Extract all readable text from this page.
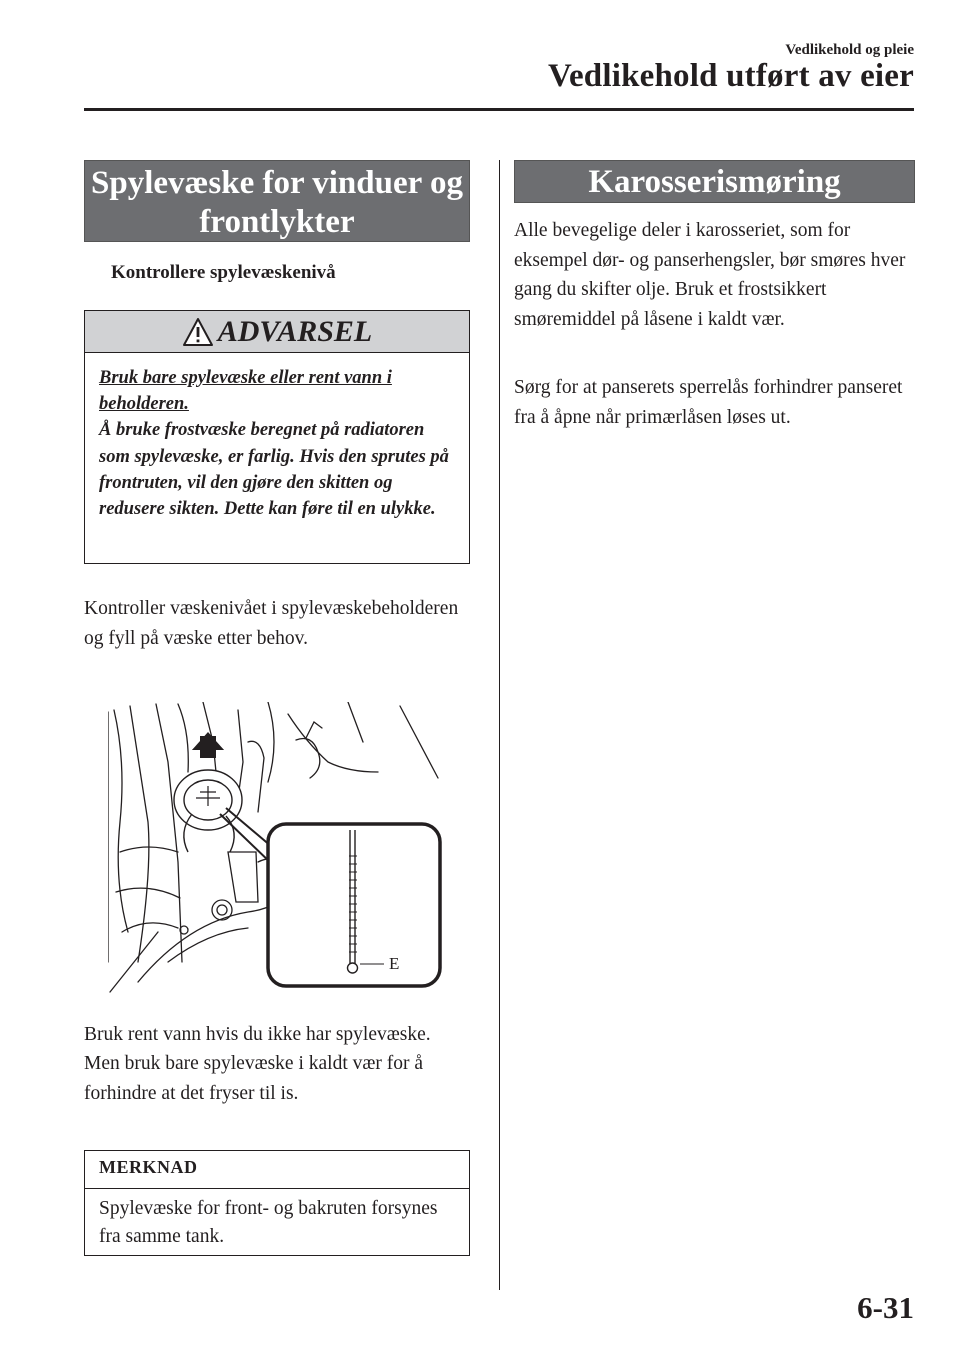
Vedlikehold og pleie
Vedlikehold utført av eier
Spylevæske for vinduer og frontlykter
Kontrollere spylevæskenivå
ADVARSEL

Bruk bare spylevæske eller rent vann i beholderen.

Å bruke frostvæske beregnet på radiatoren som spylevæske, er farlig. Hvis den sprutes på frontruten, vil den gjøre den skitten og redusere sikten. Dette kan føre til en ulykke.

Kontroller væskenivået i spylevæskebeholderen og fyll på væske etter behov.

E

Bruk rent vann hvis du ikke har spylevæske.

Men bruk bare spylevæske i kaldt vær for å forhindre at det fryser til is.

MERKNAD
Spylevæske for front- og bakruten forsynes fra samme tank.
Karosserismøring

Alle bevegelige deler i karosseriet, som for eksempel dør- og panserhengsler, bør smøres hver gang du skifter olje. Bruk et frostsikkert smøremiddel på låsene i kaldt vær.

Sørg for at panserets sperrelås forhindrer panseret fra å åpne når primærlåsen løses ut.

6-31
